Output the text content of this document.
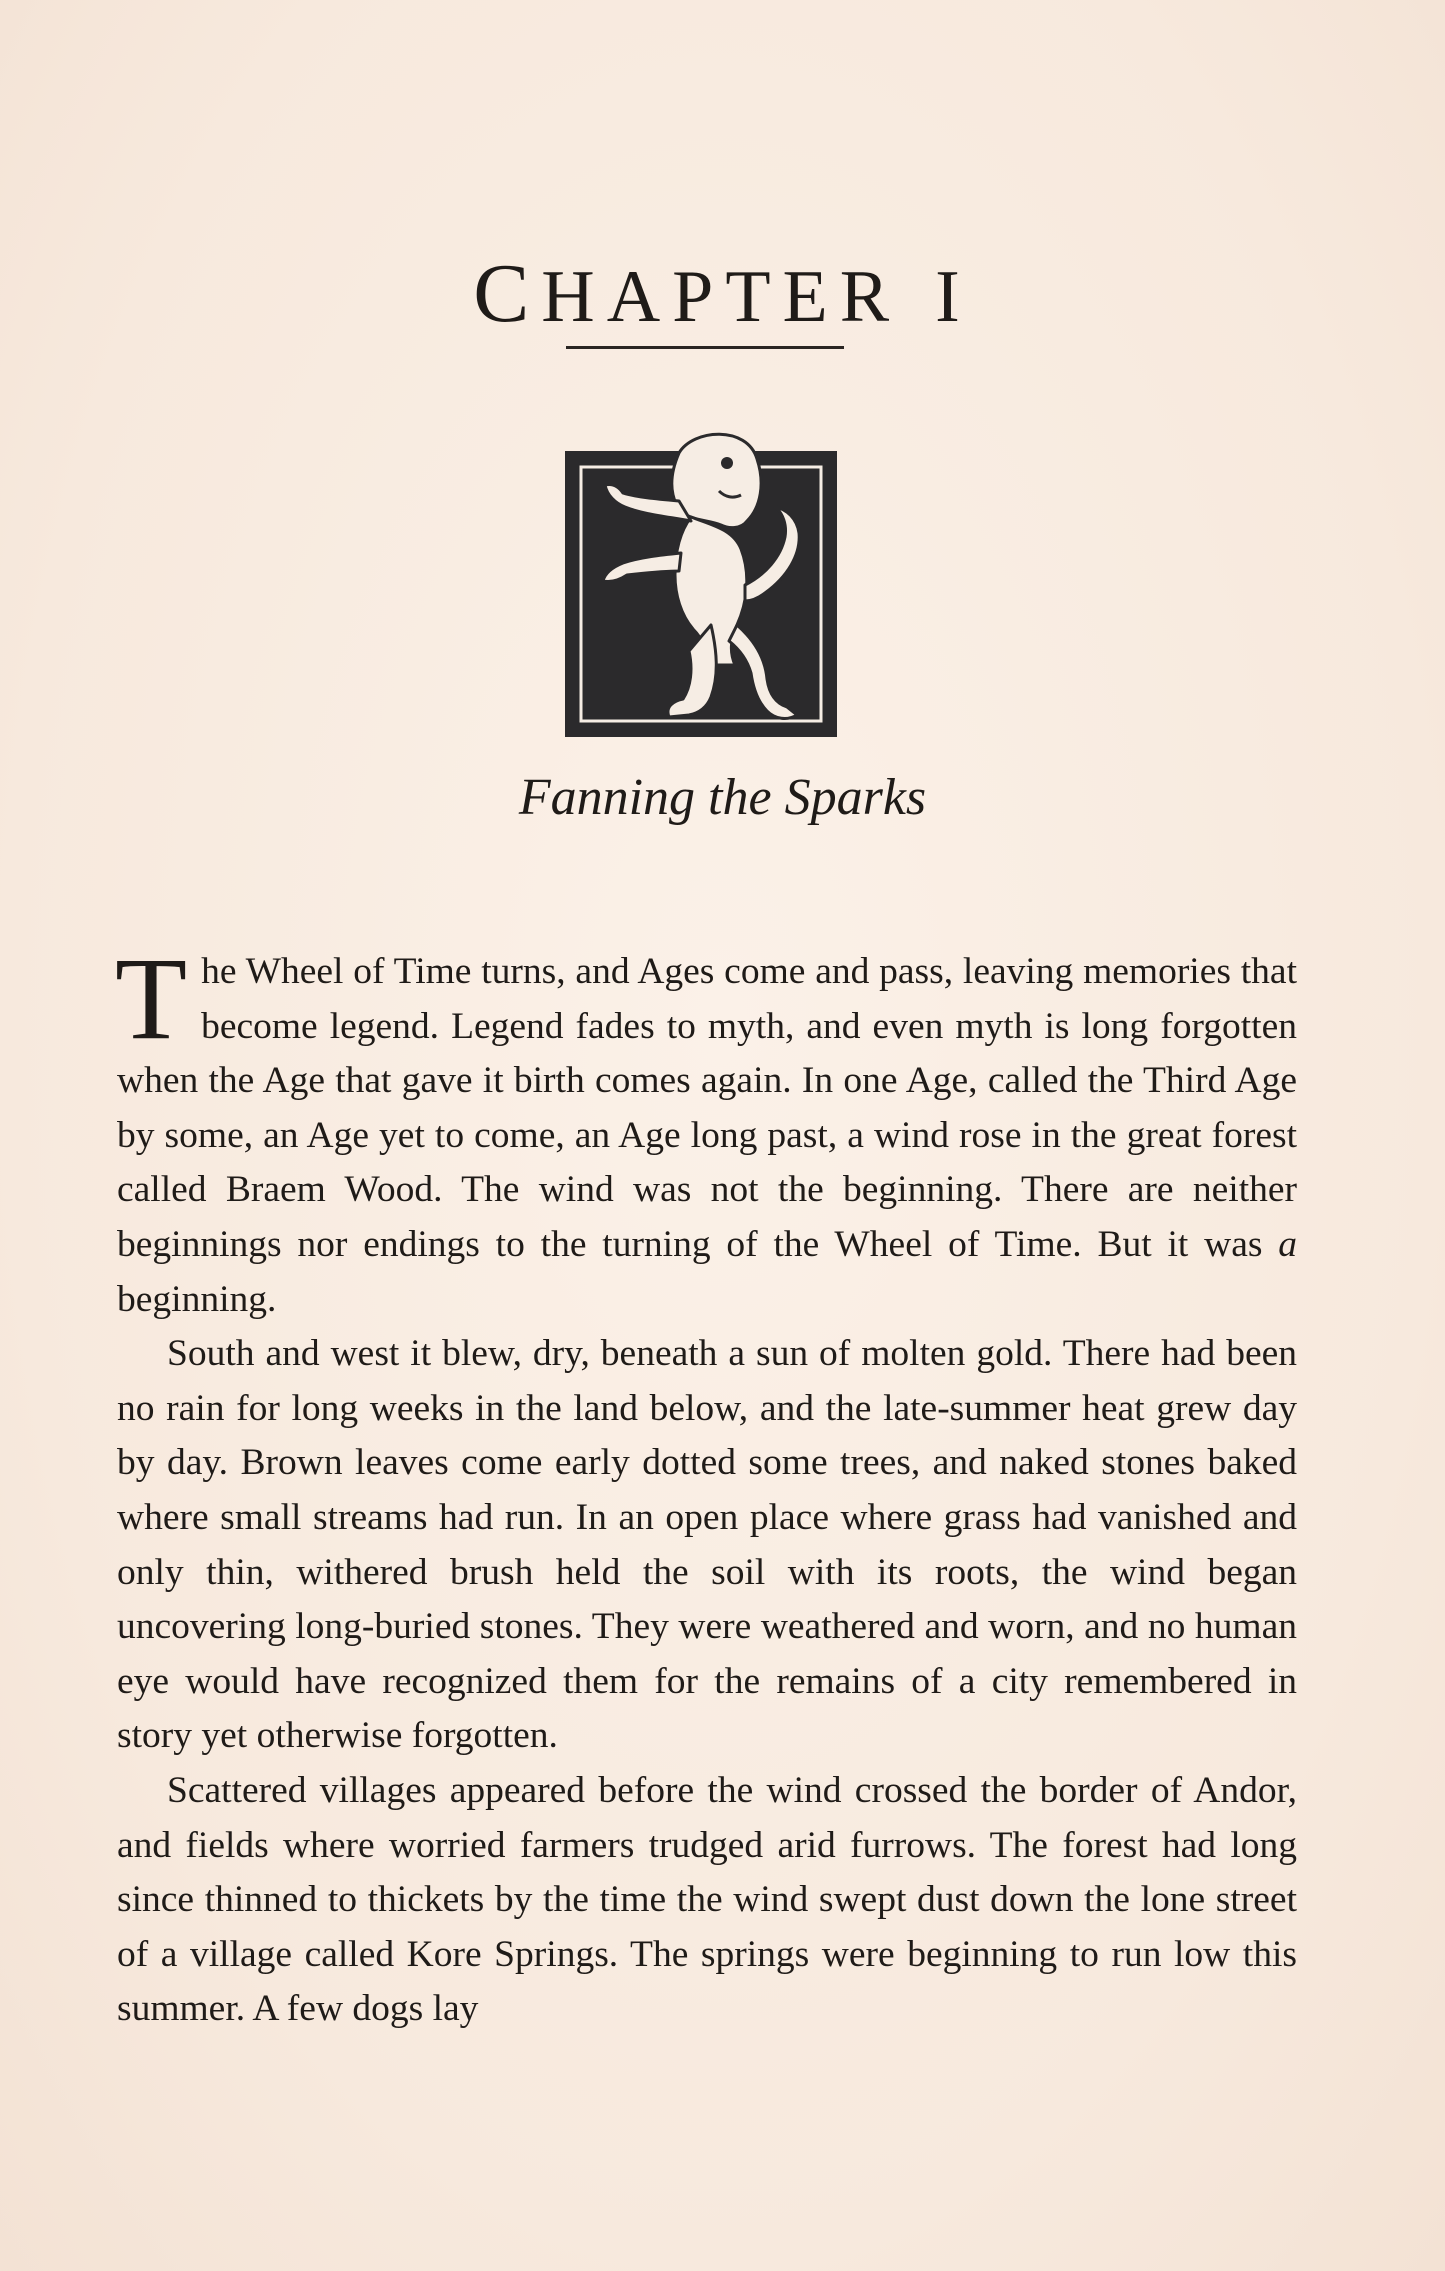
CHAPTER I
Fanning the Sparks

The Wheel of Time turns, and Ages come and pass, leaving memories that become legend. Legend fades to myth, and even myth is long forgotten when the Age that gave it birth comes again. In one Age, called the Third Age by some, an Age yet to come, an Age long past, a wind rose in the great forest called Braem Wood. The wind was not the beginning. There are neither beginnings nor endings to the turning of the Wheel of Time. But it was a beginning.

South and west it blew, dry, beneath a sun of molten gold. There had been no rain for long weeks in the land below, and the late-summer heat grew day by day. Brown leaves come early dotted some trees, and naked stones baked where small streams had run. In an open place where grass had vanished and only thin, withered brush held the soil with its roots, the wind began uncovering long-buried stones. They were weathered and worn, and no human eye would have recognized them for the remains of a city remembered in story yet otherwise forgotten.

Scattered villages appeared before the wind crossed the border of Andor, and fields where worried farmers trudged arid furrows. The forest had long since thinned to thickets by the time the wind swept dust down the lone street of a village called Kore Springs. The springs were beginning to run low this summer. A few dogs lay
